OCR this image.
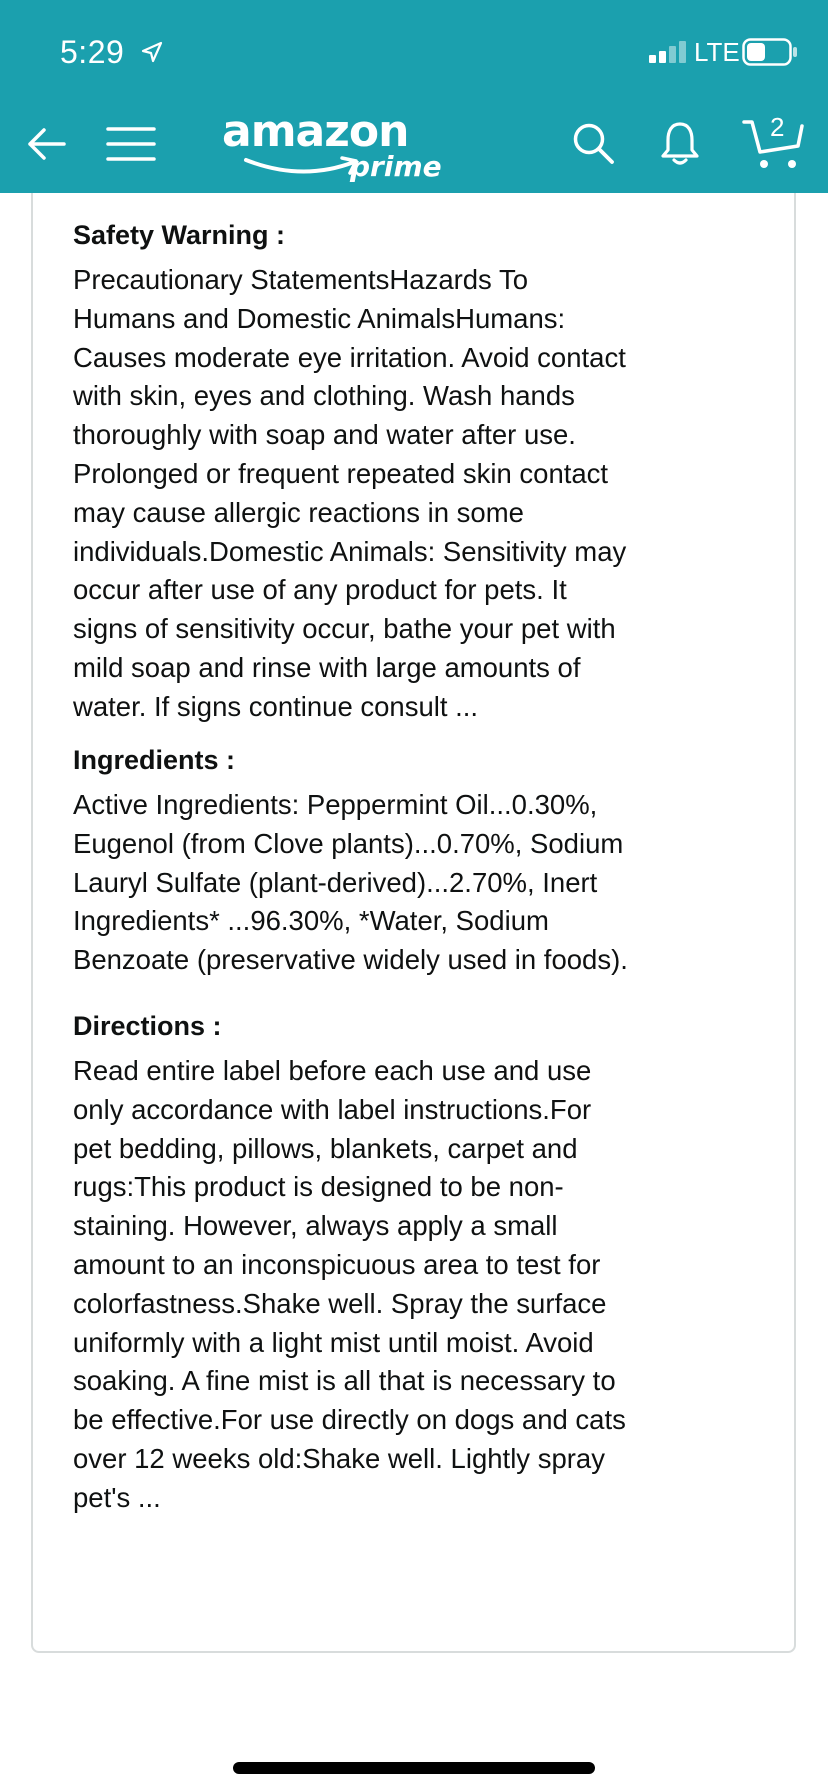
5:29	LTE
amazon
prime
2
Safety Warning :
Precautionary StatementsHazards To
Humans and Domestic AnimalsHumans:
Causes moderate eye irritation. Avoid contact
with skin, eyes and clothing. Wash hands
thoroughly with soap and water after use.
Prolonged or frequent repeated skin contact
may cause allergic reactions in some
individuals.Domestic Animals: Sensitivity may
occur after use of any product for pets. It
signs of sensitivity occur, bathe your pet with
mild soap and rinse with large amounts of
water. If signs continue consult ...
Ingredients :
Active Ingredients: Peppermint Oil...0.30%,
Eugenol (from Clove plants)...0.70%, Sodium
Lauryl Sulfate (plant-derived)...2.70%, Inert
Ingredients* ...96.30%, *Water, Sodium
Benzoate (preservative widely used in foods).
Directions :
Read entire label before each use and use
only accordance with label instructions.For
pet bedding, pillows, blankets, carpet and
rugs:This product is designed to be non-
staining. However, always apply a small
amount to an inconspicuous area to test for
colorfastness.Shake well. Spray the surface
uniformly with a light mist until moist. Avoid
soaking. A fine mist is all that is necessary to
be effective.For use directly on dogs and cats
over 12 weeks old:Shake well. Lightly spray
pet's ...
